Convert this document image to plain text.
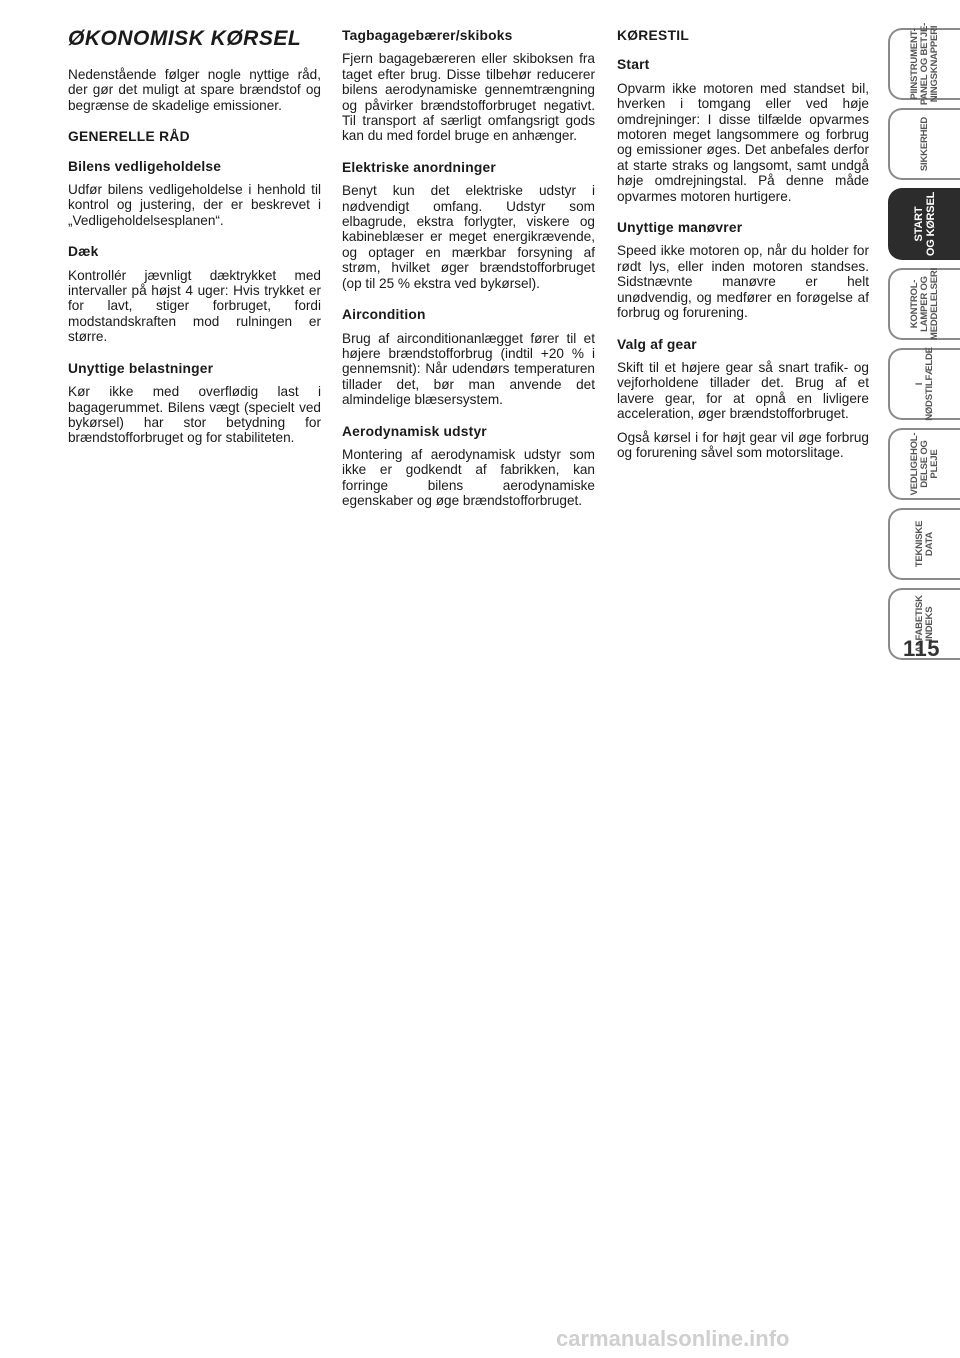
ØKONOMISK KØRSEL

Nedenstående følger nogle nyttige råd, der gør det muligt at spare brændstof og begrænse de skadelige emissioner.

GENERELLE RÅD

Bilens vedligeholdelse

Udfør bilens vedligeholdelse i henhold til kontrol og justering, der er beskrevet i „Vedligeholdelsesplanen“.

Dæk

Kontrollér jævnligt dæktrykket med intervaller på højst 4 uger: Hvis trykket er for lavt, stiger forbruget, fordi modstandskraften mod rulningen er større.

Unyttige belastninger

Kør ikke med overflødig last i bagagerummet. Bilens vægt (specielt ved bykørsel) har stor betydning for brændstofforbruget og for stabiliteten.

Tagbagagebærer/skiboks

Fjern bagagebæreren eller skiboksen fra taget efter brug. Disse tilbehør reducerer bilens aerodynamiske gennemtrængning og påvirker brændstofforbruget negativt. Til transport af særligt omfangsrigt gods kan du med fordel bruge en anhænger.

Elektriske anordninger

Benyt kun det elektriske udstyr i nødvendigt omfang. Udstyr som elbagrude, ekstra forlygter, viskere og kabineblæser er meget energikrævende, og optager en mærkbar forsyning af strøm, hvilket øger brændstofforbruget (op til 25 % ekstra ved bykørsel).

Aircondition

Brug af airconditionanlægget fører til et højere brændstofforbrug (indtil +20 % i gennemsnit): Når udendørs temperaturen tillader det, bør man anvende det almindelige blæsersystem.

Aerodynamisk udstyr

Montering af aerodynamisk udstyr som ikke er godkendt af fabrikken, kan forringe bilens aerodynamiske egenskaber og øge brændstofforbruget.

KØRESTIL

Start

Opvarm ikke motoren med standset bil, hverken i tomgang eller ved høje omdrejninger: I disse tilfælde opvarmes motoren meget langsommere og forbrug og emissioner øges. Det anbefales derfor at starte straks og langsomt, samt undgå høje omdrejningstal. På denne måde opvarmes motoren hurtigere.

Unyttige manøvrer

Speed ikke motoren op, når du holder for rødt lys, eller inden motoren standses. Sidstnævnte manøvre er helt unødvendig, og medfører en forøgelse af forbrug og forurening.

Valg af gear

Skift til et højere gear så snart trafik- og vejforholdene tillader det. Brug af et lavere gear, for at opnå en livligere acceleration, øger brændstofforbruget.

Også kørsel i for højt gear vil øge forbrug og forurening såvel som motorslitage.

PIINSTRUMENT-
PANEL OG BETJE-
NINGSKNAPPERI
SIKKERHED
START
OG KØRSEL
KONTROL-
LAMPER OG
MEDDELELSERI
I
NØDSTILFÆLDE
VEDLIGEHOL-
DELSE OG
PLEJE
TEKNISKE
DATA
ALFABETISK
INDEKS
115
carmanualsonline.info
